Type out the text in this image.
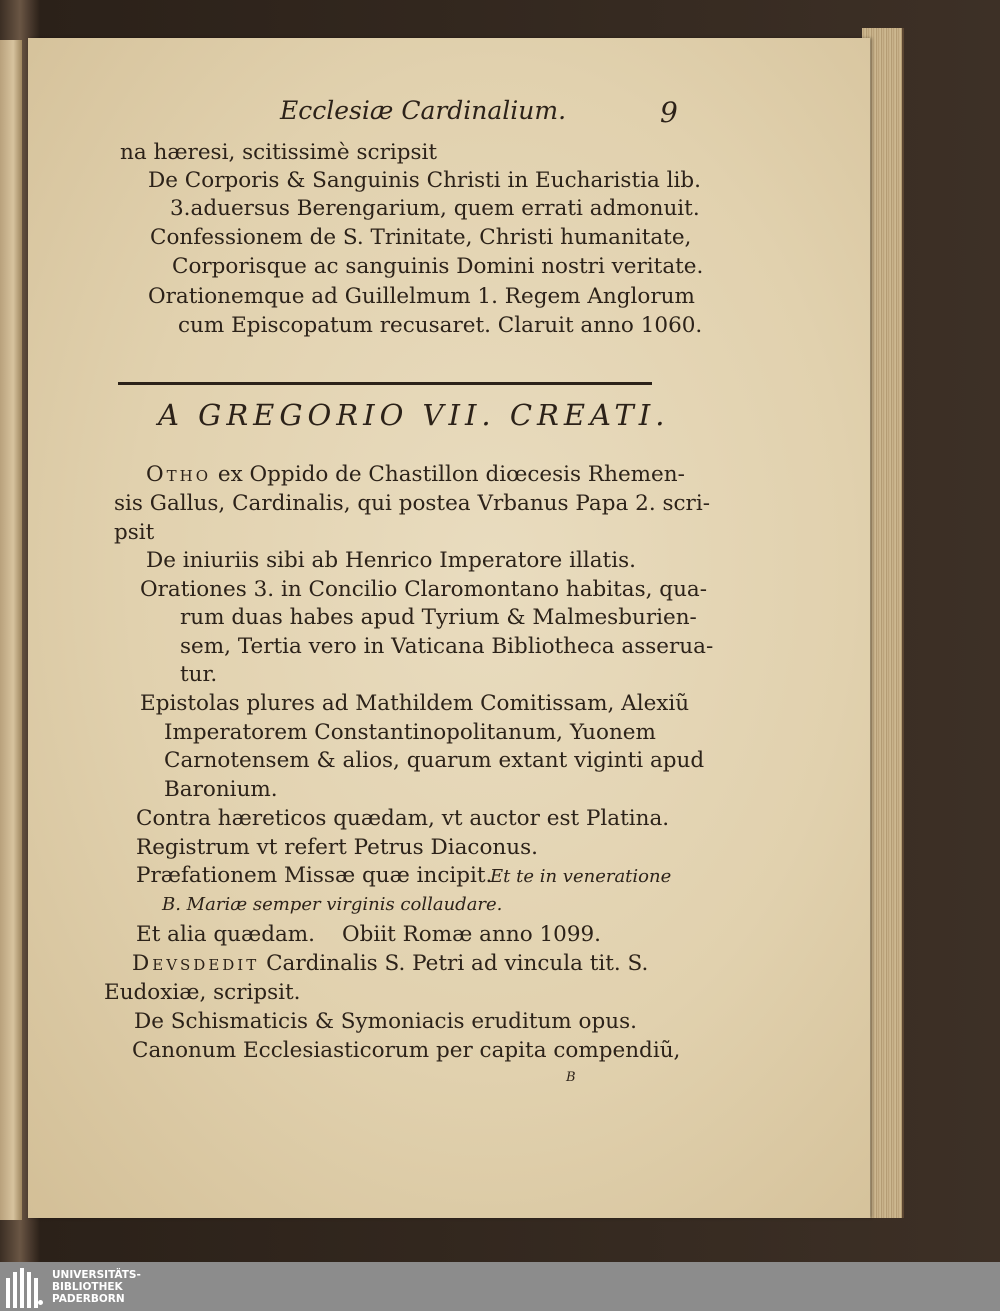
Ecclesiæ Cardinalium.	9
na hæresi, scitissimè scripsit
De Corporis & Sanguinis Christi in Eucharistia lib.
3.aduersus Berengarium, quem errati admonuit.
Confessionem de S. Trinitate, Christi humanitate,
Corporisque ac sanguinis Domini nostri veritate.
Orationemque ad Guillelmum 1. Regem Anglorum
cum Episcopatum recusaret. Claruit anno 1060.
A GREGORIO VII. CREATI.
Otho ex Oppido de Chastillon diœcesis Rhemen-
sis Gallus, Cardinalis, qui postea Vrbanus Papa 2. scri-
psit
De iniuriis sibi ab Henrico Imperatore illatis.
Orationes 3. in Concilio Claromontano habitas, qua-
rum duas habes apud Tyrium & Malmesburien-
sem, Tertia vero in Vaticana Bibliotheca asserua-
tur.
Epistolas plures ad Mathildem Comitissam, Alexiũ
Imperatorem Constantinopolitanum, Yuonem
Carnotensem & alios, quarum extant viginti apud
Baronium.
Contra hæreticos quædam, vt auctor est Platina.
Registrum vt refert Petrus Diaconus.
Præfationem Missæ quæ incipit.
Et te in veneratione
B. Mariæ semper virginis collaudare.
Et alia quædam. Obiit Romæ anno 1099.
Devsdedit Cardinalis S. Petri ad vincula tit. S.
Eudoxiæ, scripsit.
De Schismaticis & Symoniacis eruditum opus.
Canonum Ecclesiasticorum per capita compendiũ,
B
UNIVERSITÄTS-
BIBLIOTHEK
PADERBORN
